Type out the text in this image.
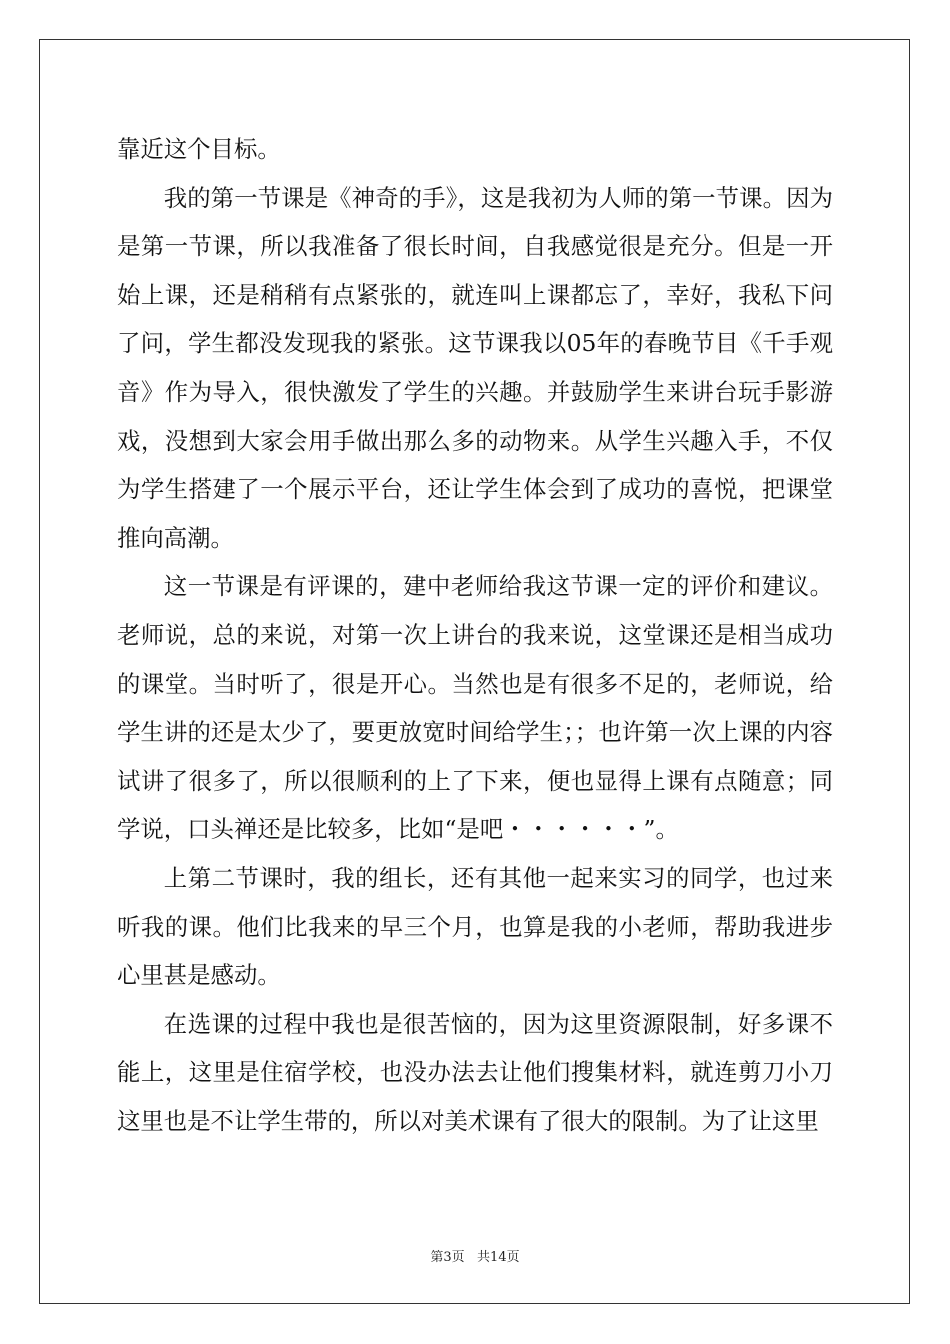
靠近这个目标。

我的第一节课是《神奇的手》，这是我初为人师的第一节课。因为是第一节课，所以我准备了很长时间，自我感觉很是充分。但是一开始上课，还是稍稍有点紧张的，就连叫上课都忘了，幸好，我私下问了问，学生都没发现我的紧张。这节课我以05年的春晚节目《千手观音》作为导入，很快激发了学生的兴趣。并鼓励学生来讲台玩手影游戏，没想到大家会用手做出那么多的动物来。从学生兴趣入手，不仅为学生搭建了一个展示平台，还让学生体会到了成功的喜悦，把课堂推向高潮。

这一节课是有评课的，建中老师给我这节课一定的评价和建议。老师说，总的来说，对第一次上讲台的我来说，这堂课还是相当成功的课堂。当时听了，很是开心。当然也是有很多不足的，老师说，给学生讲的还是太少了，要更放宽时间给学生；；也许第一次上课的内容试讲了很多了，所以很顺利的上了下来，便也显得上课有点随意；同学说，口头禅还是比较多，比如“是吧・・・・・・”。

上第二节课时，我的组长，还有其他一起来实习的同学，也过来听我的课。他们比我来的早三个月，也算是我的小老师，帮助我进步心里甚是感动。

在选课的过程中我也是很苦恼的，因为这里资源限制，好多课不能上，这里是住宿学校，也没办法去让他们搜集材料，就连剪刀小刀这里也是不让学生带的，所以对美术课有了很大的限制。为了让这里

第3页   共14页
